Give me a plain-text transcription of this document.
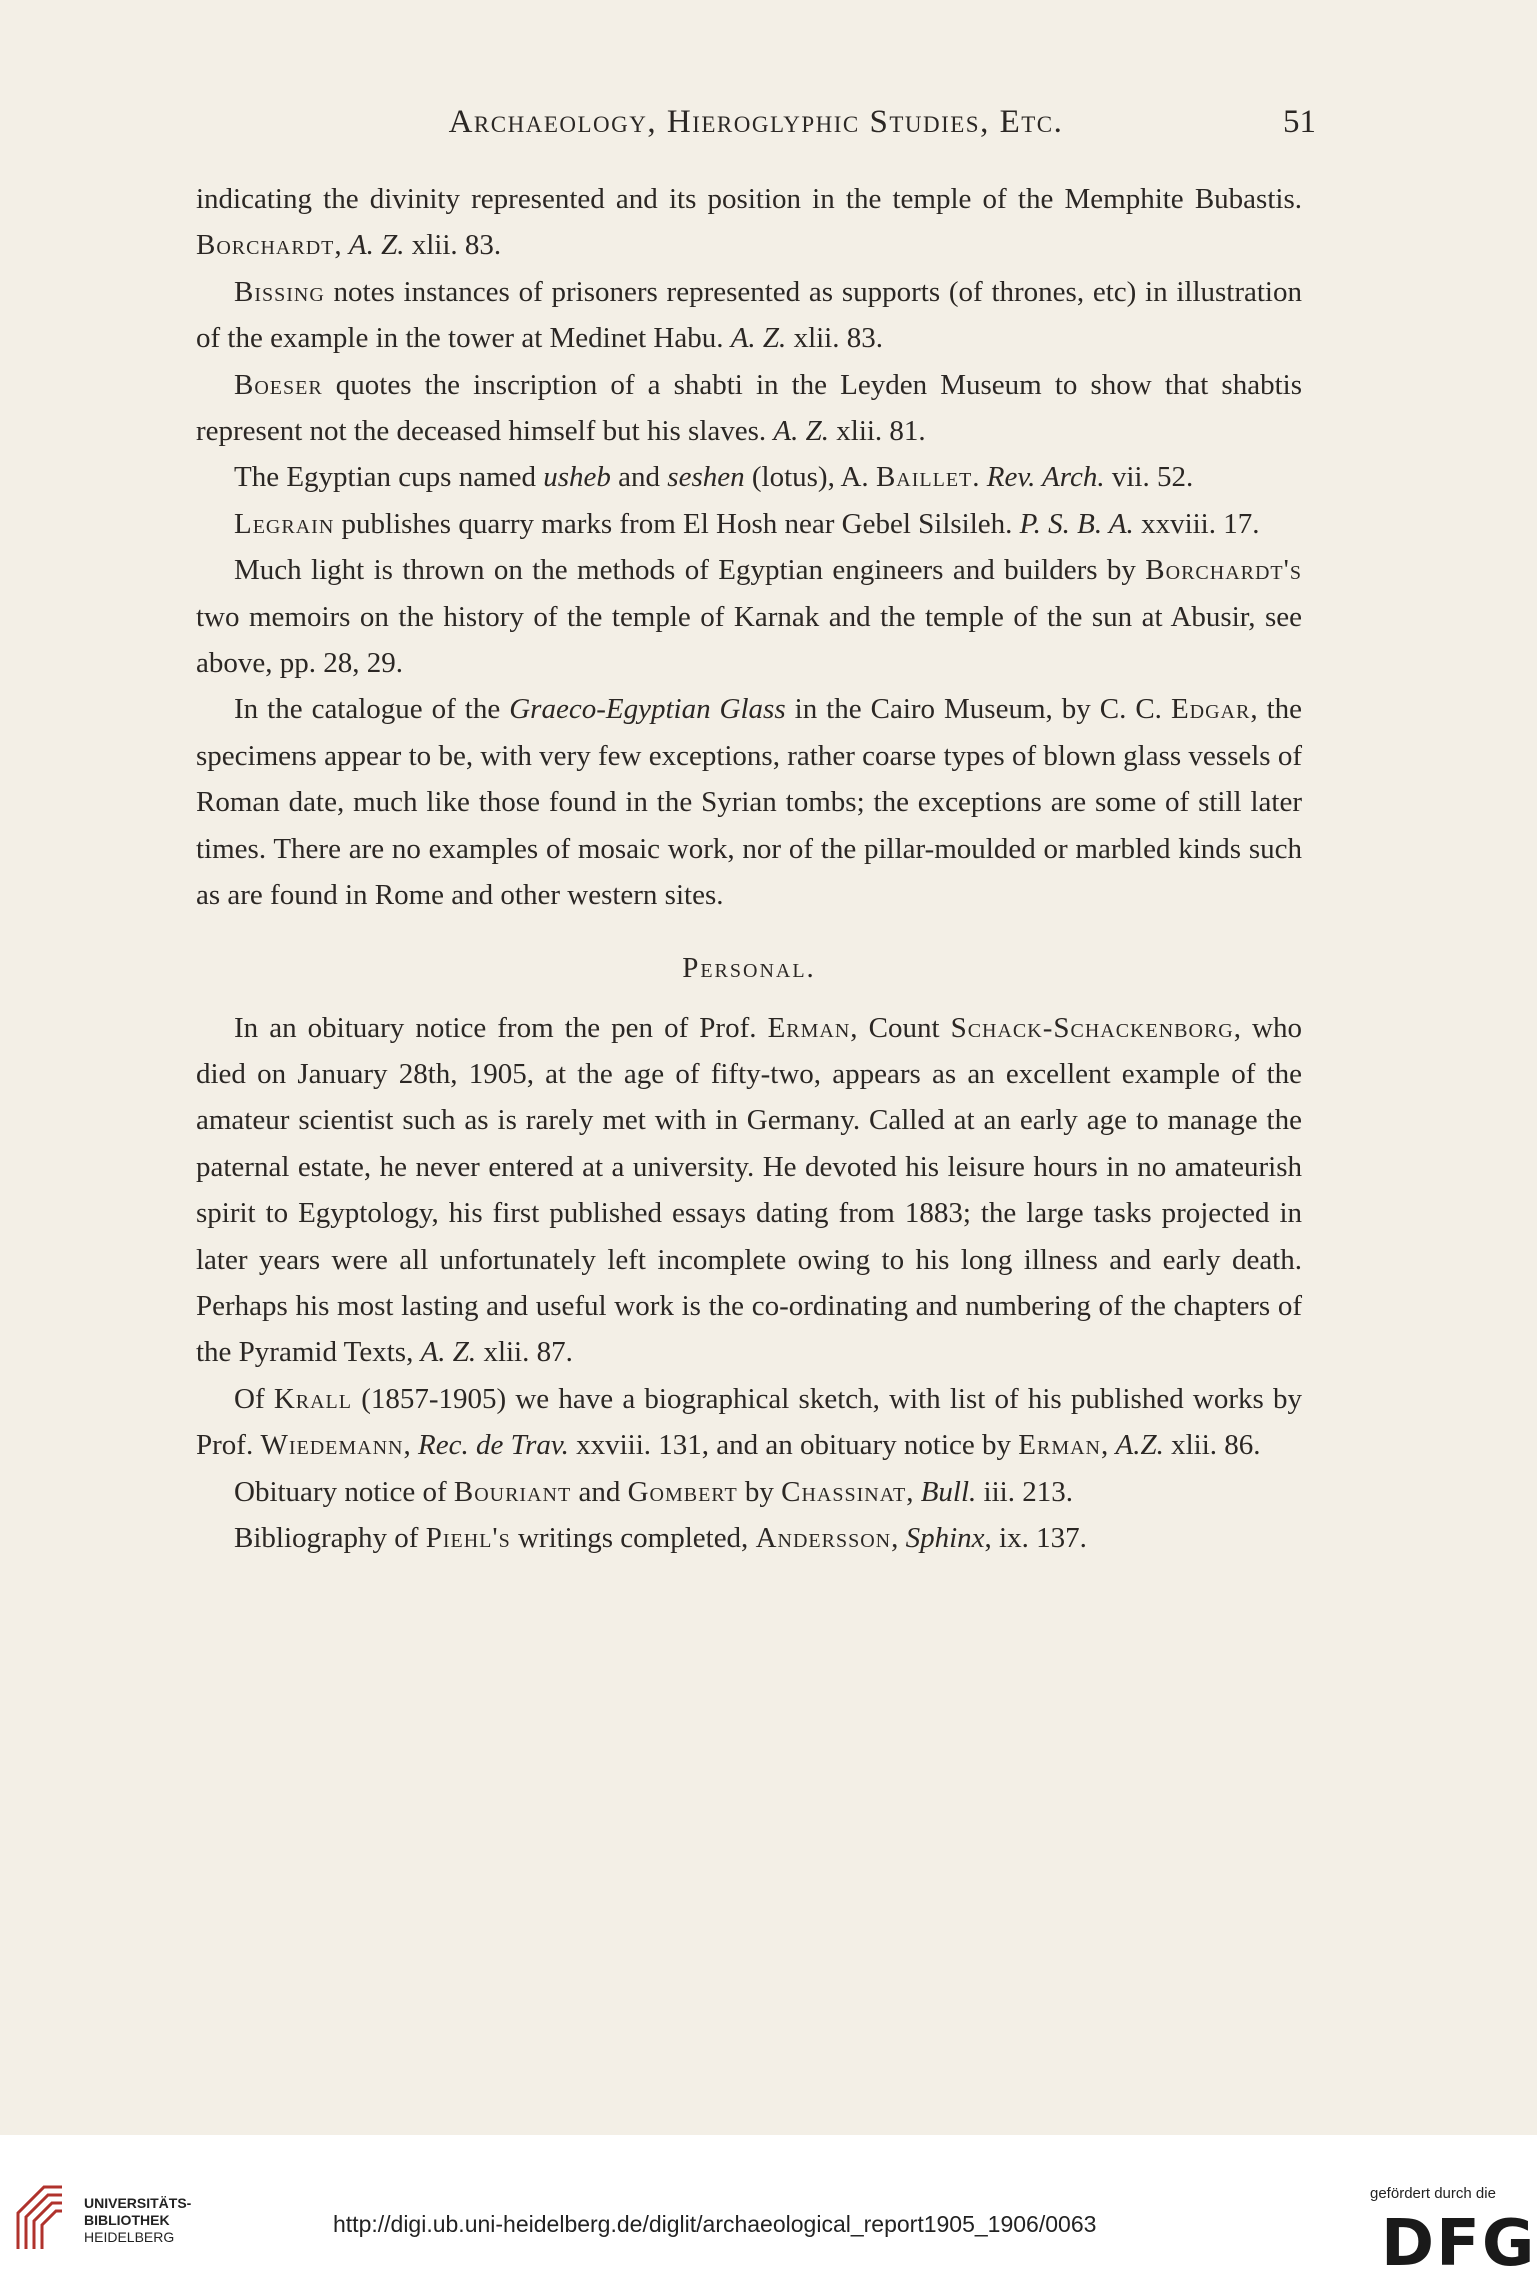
Archaeology, Hieroglyphic Studies, Etc.	51

indicating the divinity represented and its position in the temple of the Memphite Bubastis. Borchardt, A. Z. xlii. 83.

Bissing notes instances of prisoners represented as supports (of thrones, etc) in illustration of the example in the tower at Medinet Habu. A. Z. xlii. 83.

Boeser quotes the inscription of a shabti in the Leyden Museum to show that shabtis represent not the deceased himself but his slaves. A. Z. xlii. 81.

The Egyptian cups named usheb and seshen (lotus), A. Baillet. Rev. Arch. vii. 52.

Legrain publishes quarry marks from El Hosh near Gebel Silsileh. P. S. B. A. xxviii. 17.

Much light is thrown on the methods of Egyptian engineers and builders by Borchardt's two memoirs on the history of the temple of Karnak and the temple of the sun at Abusir, see above, pp. 28, 29.

In the catalogue of the Graeco-Egyptian Glass in the Cairo Museum, by C. C. Edgar, the specimens appear to be, with very few exceptions, rather coarse types of blown glass vessels of Roman date, much like those found in the Syrian tombs; the exceptions are some of still later times. There are no examples of mosaic work, nor of the pillar-moulded or marbled kinds such as are found in Rome and other western sites.

Personal.

In an obituary notice from the pen of Prof. Erman, Count Schack-Schackenborg, who died on January 28th, 1905, at the age of fifty-two, appears as an excellent example of the amateur scientist such as is rarely met with in Germany. Called at an early age to manage the paternal estate, he never entered at a university. He devoted his leisure hours in no amateurish spirit to Egyptology, his first published essays dating from 1883; the large tasks projected in later years were all unfortunately left incomplete owing to his long illness and early death. Perhaps his most lasting and useful work is the co-ordinating and numbering of the chapters of the Pyramid Texts, A. Z. xlii. 87.

Of Krall (1857-1905) we have a biographical sketch, with list of his published works by Prof. Wiedemann, Rec. de Trav. xxviii. 131, and an obituary notice by Erman, A.Z. xlii. 86.

Obituary notice of Bouriant and Gombert by Chassinat, Bull. iii. 213.

Bibliography of Piehl's writings completed, Andersson, Sphinx, ix. 137.

UNIVERSITÄTS-
BIBLIOTHEK
HEIDELBERG	http://digi.ub.uni-heidelberg.de/diglit/archaeological_report1905_1906/0063
gefördert durch die
DFG
